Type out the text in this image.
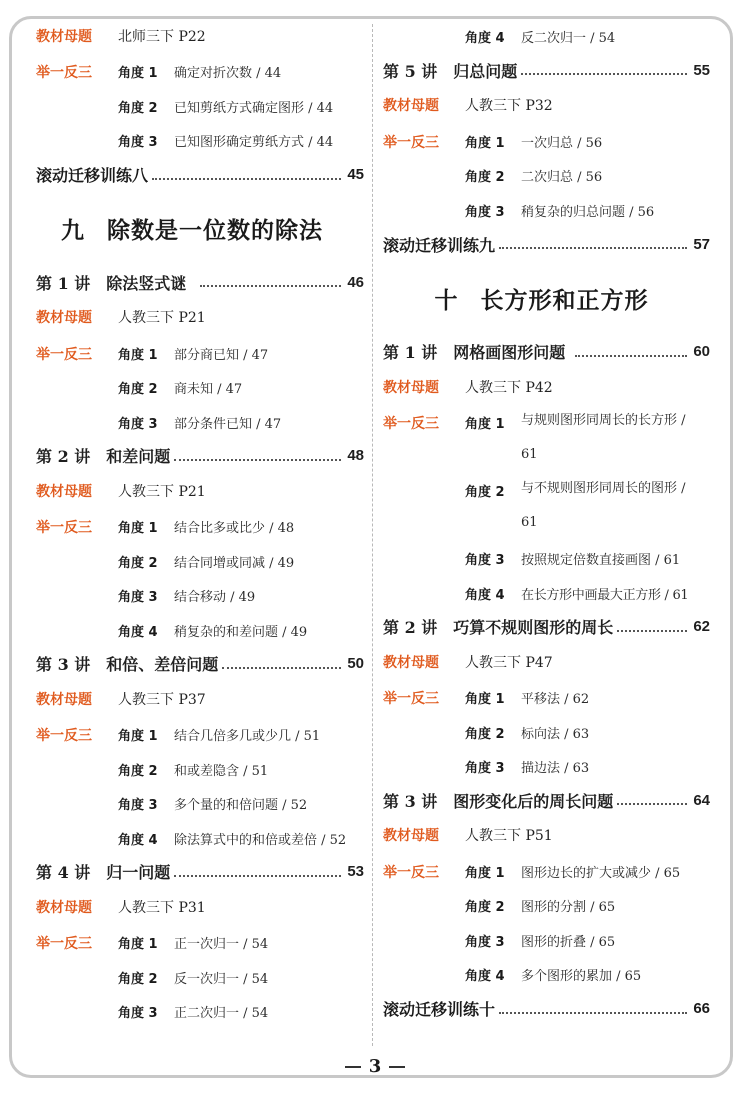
教材母题	北师三下 P22
举一反三	角度 1	确定对折次数 / 44
角度 2	已知剪纸方式确定图形 / 44
角度 3	已知图形确定剪纸方式 / 44
滚动迁移训练八	45
九 除数是一位数的除法
第 1 讲 除法竖式谜	46
教材母题	人教三下 P21
举一反三	角度 1	部分商已知 / 47
角度 2	商未知 / 47
角度 3	部分条件已知 / 47
第 2 讲 和差问题	48
教材母题	人教三下 P21
举一反三	角度 1	结合比多或比少 / 48
角度 2	结合同增或同减 / 49
角度 3	结合移动 / 49
角度 4	稍复杂的和差问题 / 49
第 3 讲 和倍、差倍问题	50
教材母题	人教三下 P37
举一反三	角度 1	结合几倍多几或少几 / 51
角度 2	和或差隐含 / 51
角度 3	多个量的和倍问题 / 52
角度 4	除法算式中的和倍或差倍 / 52
第 4 讲 归一问题	53
教材母题	人教三下 P31
举一反三	角度 1	正一次归一 / 54
角度 2	反一次归一 / 54
角度 3	正二次归一 / 54
角度 4	反二次归一 / 54
第 5 讲 归总问题	55
教材母题	人教三下 P32
举一反三	角度 1	一次归总 / 56
角度 2	二次归总 / 56
角度 3	稍复杂的归总问题 / 56
滚动迁移训练九	57
十 长方形和正方形
第 1 讲 网格画图形问题	60
教材母题	人教三下 P42
举一反三	角度 1	与规则图形同周长的长方形 / 61
角度 2	与不规则图形同周长的图形 / 61
角度 3	按照规定倍数直接画图 / 61
角度 4	在长方形中画最大正方形 / 61
第 2 讲 巧算不规则图形的周长	62
教材母题	人教三下 P47
举一反三	角度 1	平移法 / 62
角度 2	标向法 / 63
角度 3	描边法 / 63
第 3 讲 图形变化后的周长问题	64
教材母题	人教三下 P51
举一反三	角度 1	图形边长的扩大或减少 / 65
角度 2	图形的分割 / 65
角度 3	图形的折叠 / 65
角度 4	多个图形的累加 / 65
滚动迁移训练十	66
3
